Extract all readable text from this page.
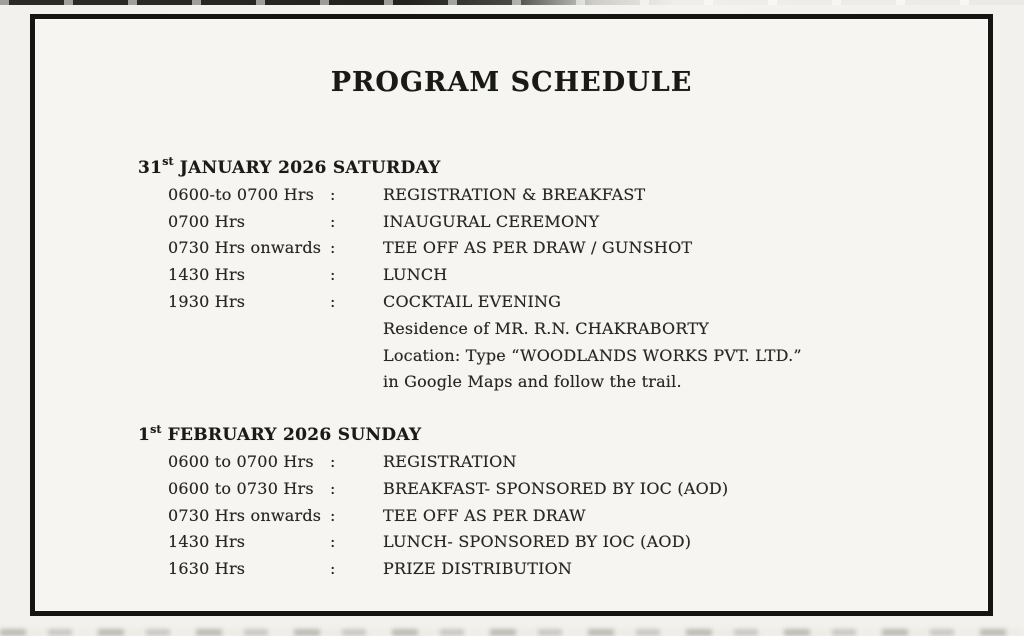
PROGRAM SCHEDULE
31st JANUARY 2026 SATURDAY
0600-to 0700 Hrs :	REGISTRATION & BREAKFAST
0700 Hrs	:	INAUGURAL CEREMONY
0730 Hrs onwards :	TEE OFF AS PER DRAW / GUNSHOT
1430 Hrs	:	LUNCH
1930 Hrs	:	COCKTAIL EVENING
Residence of MR. R.N. CHAKRABORTY
Location: Type “WOODLANDS WORKS PVT. LTD.”
in Google Maps and follow the trail.
1st FEBRUARY 2026 SUNDAY
0600 to 0700 Hrs	:	REGISTRATION
0600 to 0730 Hrs	:	BREAKFAST- SPONSORED BY IOC (AOD)
0730 Hrs onwards :	TEE OFF AS PER DRAW
1430 Hrs	:	LUNCH- SPONSORED BY IOC (AOD)
1630 Hrs	:	PRIZE DISTRIBUTION
